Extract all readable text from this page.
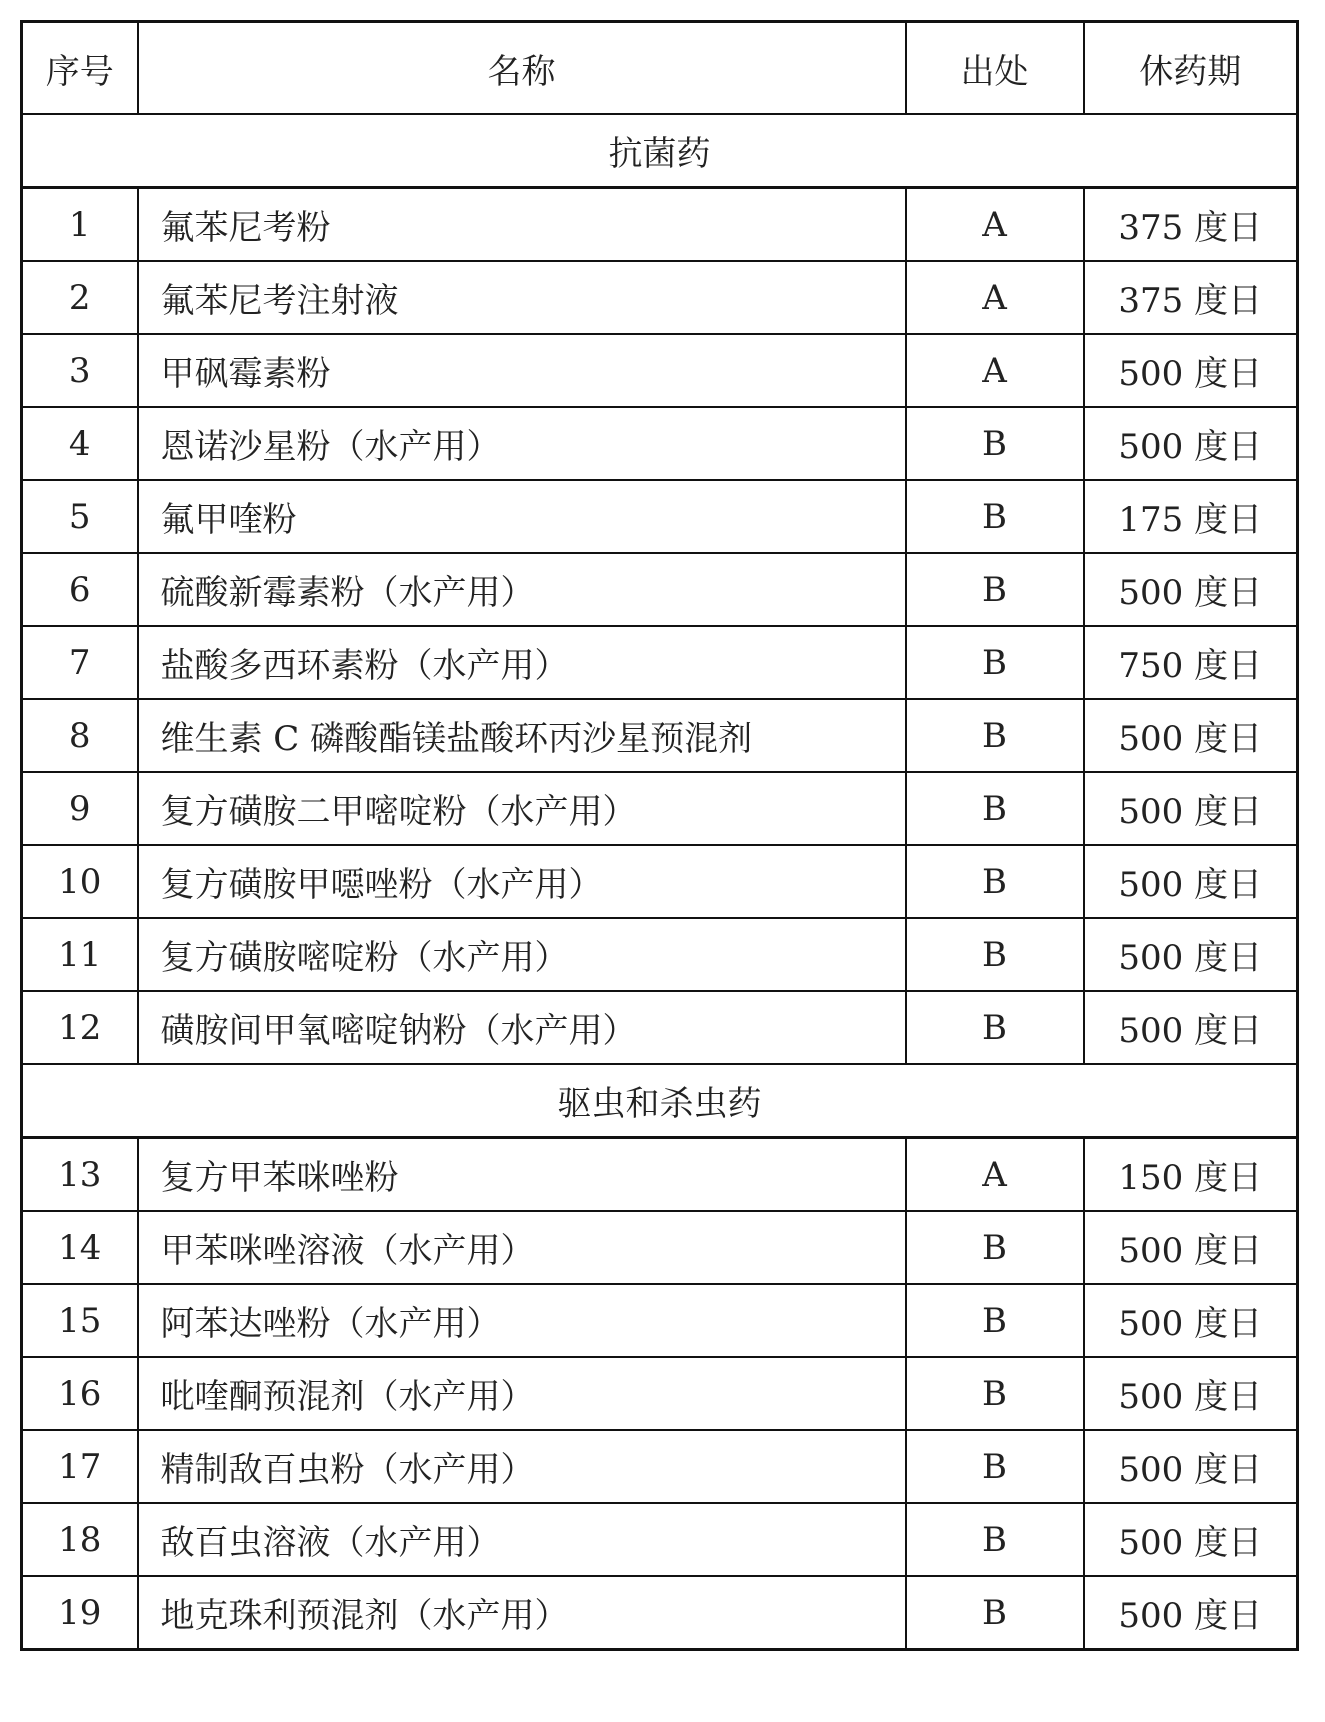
序号	名称	出处	休药期
抗菌药			
1	氟苯尼考粉	A	375 度日
2	氟苯尼考注射液	A	375 度日
3	甲砜霉素粉	A	500 度日
4	恩诺沙星粉（水产用）	B	500 度日
5	氟甲喹粉	B	175 度日
6	硫酸新霉素粉（水产用）	B	500 度日
7	盐酸多西环素粉（水产用）	B	750 度日
8	维生素 C 磷酸酯镁盐酸环丙沙星预混剂	B	500 度日
9	复方磺胺二甲嘧啶粉（水产用）	B	500 度日
10	复方磺胺甲噁唑粉（水产用）	B	500 度日
11	复方磺胺嘧啶粉（水产用）	B	500 度日
12	磺胺间甲氧嘧啶钠粉（水产用）	B	500 度日
驱虫和杀虫药			
13	复方甲苯咪唑粉	A	150 度日
14	甲苯咪唑溶液（水产用）	B	500 度日
15	阿苯达唑粉（水产用）	B	500 度日
16	吡喹酮预混剂（水产用）	B	500 度日
17	精制敌百虫粉（水产用）	B	500 度日
18	敌百虫溶液（水产用）	B	500 度日
19	地克珠利预混剂（水产用）	B	500 度日
